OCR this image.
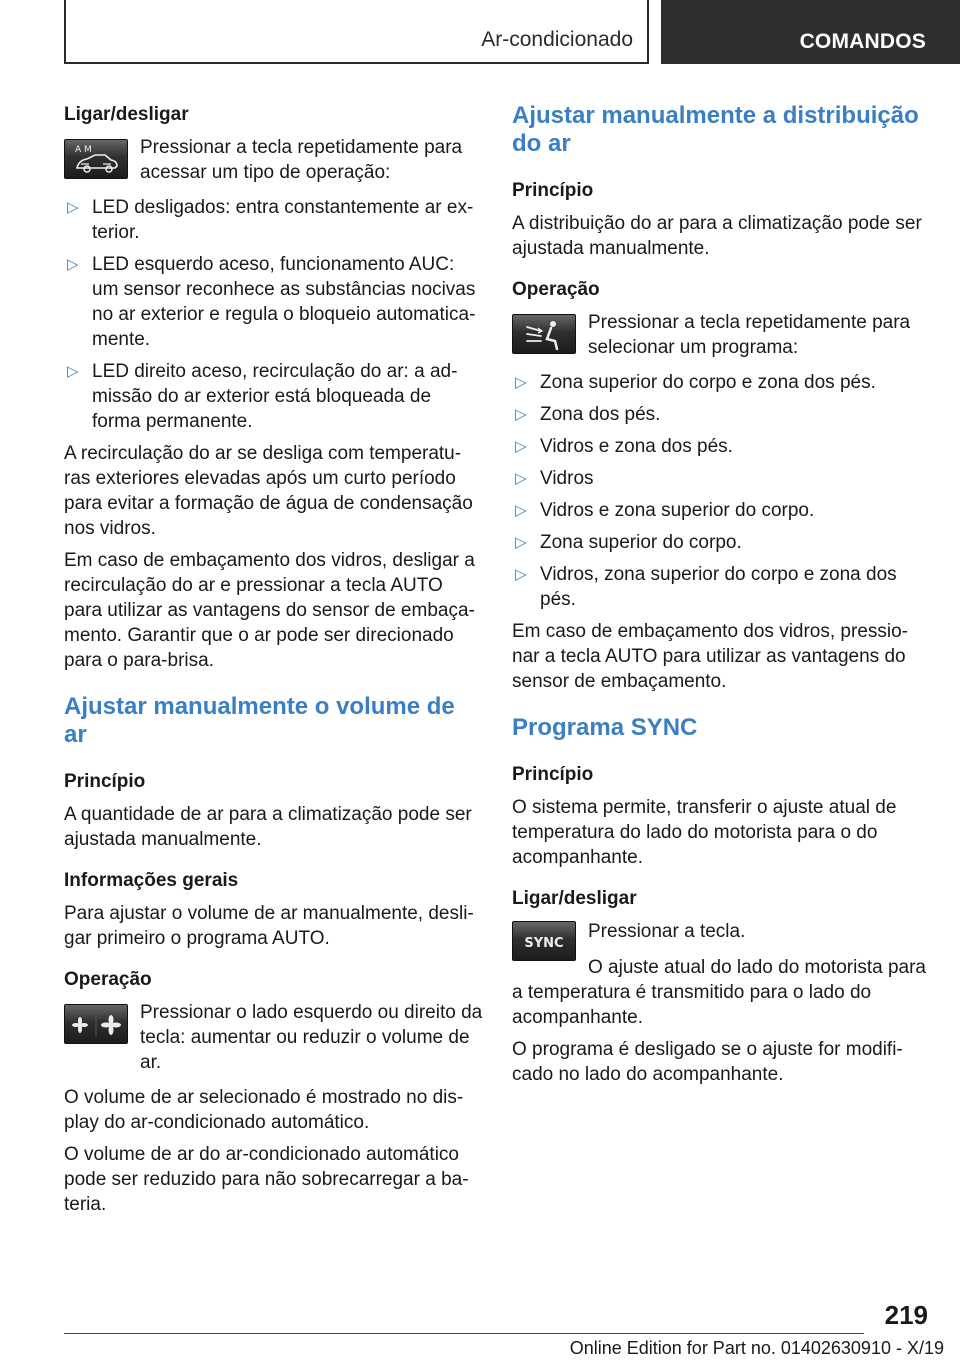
Ar-condicionado	COMANDOS
Ligar/desligar
A M	Pressionar a tecla repetidamente para acessar um tipo de operação:
▷ LED desligados: entra constantemente ar ex‐terior.
▷ LED esquerdo aceso, funcionamento AUC: um sensor reconhece as substâncias nocivas no ar exterior e regula o bloqueio automatica‐mente.
▷ LED direito aceso, recirculação do ar: a ad‐missão do ar exterior está bloqueada de forma permanente.

A recirculação do ar se desliga com temperatu‐ras exteriores elevadas após um curto período para evitar a formação de água de condensação nos vidros.

Em caso de embaçamento dos vidros, desligar a recirculação do ar e pressionar a tecla AUTO para utilizar as vantagens do sensor de embaça‐mento. Garantir que o ar pode ser direcionado para o para-brisa.

Ajustar manualmente o volume de ar
Princípio

A quantidade de ar para a climatização pode ser ajustada manualmente.

Informações gerais

Para ajustar o volume de ar manualmente, desli‐gar primeiro o programa AUTO.

Operação
Pressionar o lado esquerdo ou direito da tecla: aumentar ou reduzir o volume de ar.

O volume de ar selecionado é mostrado no dis‐play do ar-condicionado automático.

O volume de ar do ar-condicionado automático pode ser reduzido para não sobrecarregar a ba‐teria.

Ajustar manualmente a distribuição do ar
Princípio

A distribuição do ar para a climatização pode ser ajustada manualmente.

Operação
Pressionar a tecla repetidamente para selecionar um programa:
▷ Zona superior do corpo e zona dos pés.
▷ Zona dos pés.
▷ Vidros e zona dos pés.
▷ Vidros
▷ Vidros e zona superior do corpo.
▷ Zona superior do corpo.
▷ Vidros, zona superior do corpo e zona dos pés.

Em caso de embaçamento dos vidros, pressio‐nar a tecla AUTO para utilizar as vantagens do sensor de embaçamento.

Programa SYNC
Princípio

O sistema permite, transferir o ajuste atual de temperatura do lado do motorista para o do acompanhante.

Ligar/desligar
SYNC
Pressionar a tecla.

O ajuste atual do lado do motorista para a temperatura é transmitido para o lado do acompanhante.

O programa é desligado se o ajuste for modifi‐cado no lado do acompanhante.

219
Online Edition for Part no. 01402630910 - X/19
